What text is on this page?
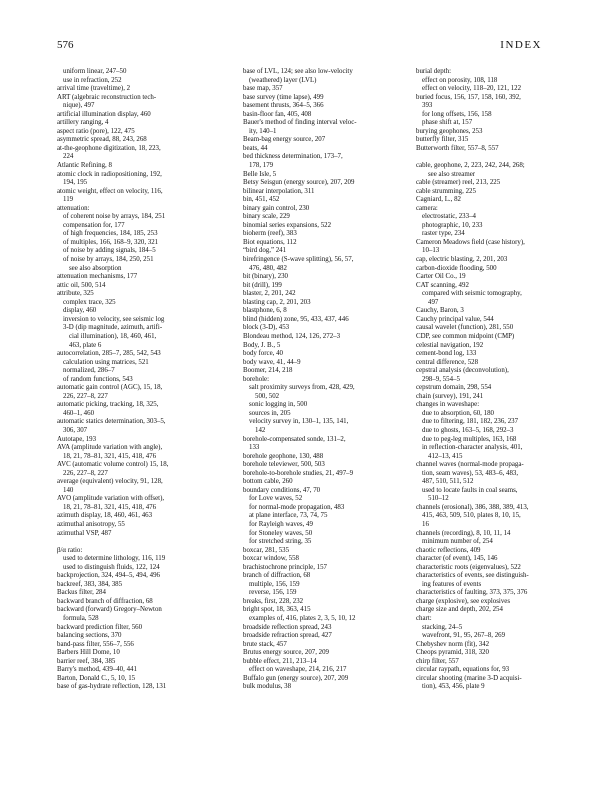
576	INDEX
uniform linear, 247–50
use in refraction, 252
arrival time (traveltime), 2
ART (algebraic reconstruction tech-
nique), 497
artificial illumination display, 460
artillery ranging, 4
aspect ratio (pore), 122, 475
asymmetric spread, 88, 243, 268
at-the-geophone digitization, 18, 223,
224
Atlantic Refining, 8
atomic clock in radiopositioning, 192,
194, 195
atomic weight, effect on velocity, 116,
119
attenuation:
of coherent noise by arrays, 184, 251
compensation for, 177
of high frequencies, 184, 185, 253
of multiples, 166, 168–9, 320, 321
of noise by adding signals, 184–5
of noise by arrays, 184, 250, 251
see also absorption
attenuation mechanisms, 177
attic oil, 500, 514
attribute, 325
complex trace, 325
display, 460
inversion to velocity, see seismic log
3-D (dip magnitude, azimuth, artifi-
cial illumination), 18, 460, 461,
463, plate 6
autocorrelation, 285–7, 285, 542, 543
calculation using matrices, 521
normalized, 286–7
of random functions, 543
automatic gain control (AGC), 15, 18,
226, 227–8, 227
automatic picking, tracking, 18, 325,
460–1, 460
automatic statics determination, 303–5,
306, 307
Autotape, 193
AVA (amplitude variation with angle),
18, 21, 78–81, 321, 415, 418, 476
AVC (automatic volume control) 15, 18,
226, 227–8, 227
average (equivalent) velocity, 91, 128,
140
AVO (amplitude variation with offset),
18, 21, 78–81, 321, 415, 418, 476
azimuth display, 18, 460, 461, 463
azimuthal anisotropy, 55
azimuthal VSP, 487
β/α ratio:
used to determine lithology, 116, 119
used to distinguish fluids, 122, 124
backprojection, 324, 494–5, 494, 496
backreef, 383, 384, 385
Backus filter, 284
backward branch of diffraction, 68
backward (forward) Gregory–Newton
formula, 528
backward prediction filter, 560
balancing sections, 370
band-pass filter, 556–7, 556
Barbers Hill Dome, 10
barrier reef, 384, 385
Barry's method, 439–40, 441
Barton, Donald C., 5, 10, 15
base of gas-hydrate reflection, 128, 131
base of LVL, 124; see also low-velocity
(weathered) layer (LVL)
base map, 357
base survey (time lapse), 499
basement thrusts, 364–5, 366
basin-floor fan, 405, 408
Bauer's method of finding interval veloc-
ity, 140–1
Beam-bag energy source, 207
beats, 44
bed thickness determination, 173–7,
178, 179
Belle Isle, 5
Betsy Seisgun (energy source), 207, 209
bilinear interpolation, 311
bin, 451, 452
binary gain control, 230
binary scale, 229
binomial series expansions, 522
bioherm (reef), 383
Biot equations, 112
“bird dog,” 241
birefringence (S-wave splitting), 56, 57,
476, 480, 482
bit (binary), 230
bit (drill), 199
blaster, 2, 201, 242
blasting cap, 2, 201, 203
blastphone, 6, 8
blind (hidden) zone, 95, 433, 437, 446
block (3-D), 453
Blondeau method, 124, 126, 272–3
Body, J. B., 5
body force, 40
body wave, 41, 44–9
Boomer, 214, 218
borehole:
salt proximity surveys from, 428, 429,
500, 502
sonic logging in, 500
sources in, 205
velocity survey in, 130–1, 135, 141,
142
borehole-compensated sonde, 131–2,
133
borehole geophone, 130, 488
borehole televiewer, 500, 503
borehole-to-borehole studies, 21, 497–9
bottom cable, 260
boundary conditions, 47, 70
for Love waves, 52
for normal-mode propagation, 483
at plane interface, 73, 74, 75
for Rayleigh waves, 49
for Stoneley waves, 50
for stretched string, 35
boxcar, 281, 535
boxcar window, 558
brachistochrone principle, 157
branch of diffraction, 68
multiple, 156, 159
reverse, 156, 159
breaks, first, 228, 232
bright spot, 18, 363, 415
examples of, 416, plates 2, 3, 5, 10, 12
broadside reflection spread, 243
broadside refraction spread, 427
brute stack, 457
Brutus energy source, 207, 209
bubble effect, 211, 213–14
effect on waveshape, 214, 216, 217
Buffalo gun (energy source), 207, 209
bulk modulus, 38
burial depth:
effect on porosity, 108, 118
effect on velocity, 118–20, 121, 122
buried focus, 156, 157, 158, 160, 392,
393
for long offsets, 156, 158
phase shift at, 157
burying geophones, 253
butterfly filter, 315
Butterworth filter, 557–8, 557
cable, geophone, 2, 223, 242, 244, 268;
see also streamer
cable (streamer) reel, 213, 225
cable strumming, 225
Cagniard, L., 82
camera:
electrostatic, 233–4
photographic, 10, 233
raster type, 234
Cameron Meadows field (case history),
10–13
cap, electric blasting, 2, 201, 203
carbon-dioxide flooding, 500
Carter Oil Co., 19
CAT scanning, 492
compared with seismic tomography,
497
Cauchy, Baron, 3
Cauchy principal value, 544
causal wavelet (function), 281, 550
CDP, see common midpoint (CMP)
celestial navigation, 192
cement-bond log, 133
central difference, 528
cepstral analysis (deconvolution),
298–9, 554–5
cepstrum domain, 298, 554
chain (survey), 191, 241
changes in waveshape:
due to absorption, 60, 180
due to filtering, 181, 182, 236, 237
due to ghosts, 163–5, 168, 292–3
due to peg-leg multiples, 163, 168
in reflection-character analysis, 401,
412–13, 415
channel waves (normal-mode propaga-
tion, seam waves), 53, 483–6, 483,
487, 510, 511, 512
used to locate faults in coal seams,
510–12
channels (erosional), 386, 388, 389, 413,
415, 463, 509, 510, plates 8, 10, 15,
16
channels (recording), 8, 10, 11, 14
minimum number of, 254
chaotic reflections, 409
character (of event), 145, 146
characteristic roots (eigenvalues), 522
characteristics of events, see distinguish-
ing features of events
characteristics of faulting, 373, 375, 376
charge (explosive), see explosives
charge size and depth, 202, 254
chart:
stacking, 24–5
wavefront, 91, 95, 267–8, 269
Chebyshev norm (fit), 342
Cheops pyramid, 318, 320
chirp filter, 557
circular raypath, equations for, 93
circular shooting (marine 3-D acquisi-
tion), 453, 456, plate 9
